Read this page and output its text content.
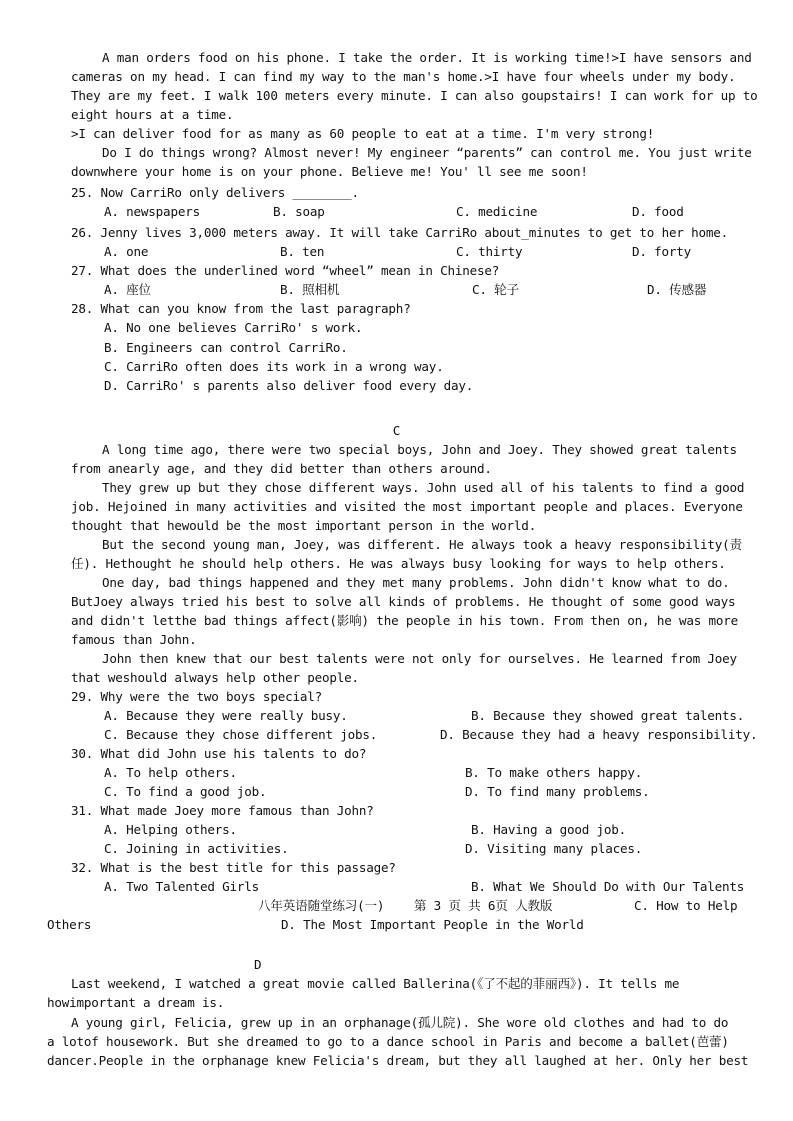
A man orders food on his phone. I take the order. It is working time!>I have sensors and
cameras on my head. I can find my way to the man's home.>I have four wheels under my body.
They are my feet. I walk 100 meters every minute. I can also goupstairs! I can work for up to
eight hours at a time.
>I can deliver food for as many as 60 people to eat at a time. I'm very strong!
Do I do things wrong? Almost never! My engineer “parents” can control me. You just write
downwhere your home is on your phone. Believe me! You' ll see me soon!
25. Now CarriRo only delivers ________.
A. newspapers	B. soap	C. medicine	D. food
26. Jenny lives 3,000 meters away. It will take CarriRo about_minutes to get to her home.
A. one	B. ten	C. thirty	D. forty
27. What does the underlined word “wheel” mean in Chinese?
A. 座位	B. 照相机	C. 轮子	D. 传感器
28. What can you know from the last paragraph?
A. No one believes CarriRo' s work.
B. Engineers can control CarriRo.
C. CarriRo often does its work in a wrong way.
D. CarriRo' s parents also deliver food every day.
C
A long time ago, there were two special boys, John and Joey. They showed great talents
from anearly age, and they did better than others around.
They grew up but they chose different ways. John used all of his talents to find a good
job. Hejoined in many activities and visited the most important people and places. Everyone
thought that hewould be the most important person in the world.
But the second young man, Joey, was different. He always took a heavy responsibility(责
任). Hethought he should help others. He was always busy looking for ways to help others.
One day, bad things happened and they met many problems. John didn't know what to do.
ButJoey always tried his best to solve all kinds of problems. He thought of some good ways
and didn't letthe bad things affect(影响) the people in his town. From then on, he was more
famous than John.
John then knew that our best talents were not only for ourselves. He learned from Joey
that weshould always help other people.
29. Why were the two boys special?
A. Because they were really busy.	B. Because they showed great talents.
C. Because they chose different jobs.	D. Because they had a heavy responsibility.
30. What did John use his talents to do?
A. To help others.	B. To make others happy.
C. To find a good job.	D. To find many problems.
31. What made Joey more famous than John?
A. Helping others.	B. Having a good job.
C. Joining in activities.	D. Visiting many places.
32. What is the best title for this passage?
A. Two Talented Girls	B. What We Should Do with Our Talents
八年英语随堂练习(一)    第 3 页 共 6页 人教版	C. How to Help
Others	D. The Most Important People in the World
D
Last weekend, I watched a great movie called Ballerina(《了不起的菲丽西》). It tells me
howimportant a dream is.
A young girl, Felicia, grew up in an orphanage(孤儿院). She wore old clothes and had to do
a lotof housework. But she dreamed to go to a dance school in Paris and become a ballet(芭蕾)
dancer.People in the orphanage knew Felicia's dream, but they all laughed at her. Only her best
